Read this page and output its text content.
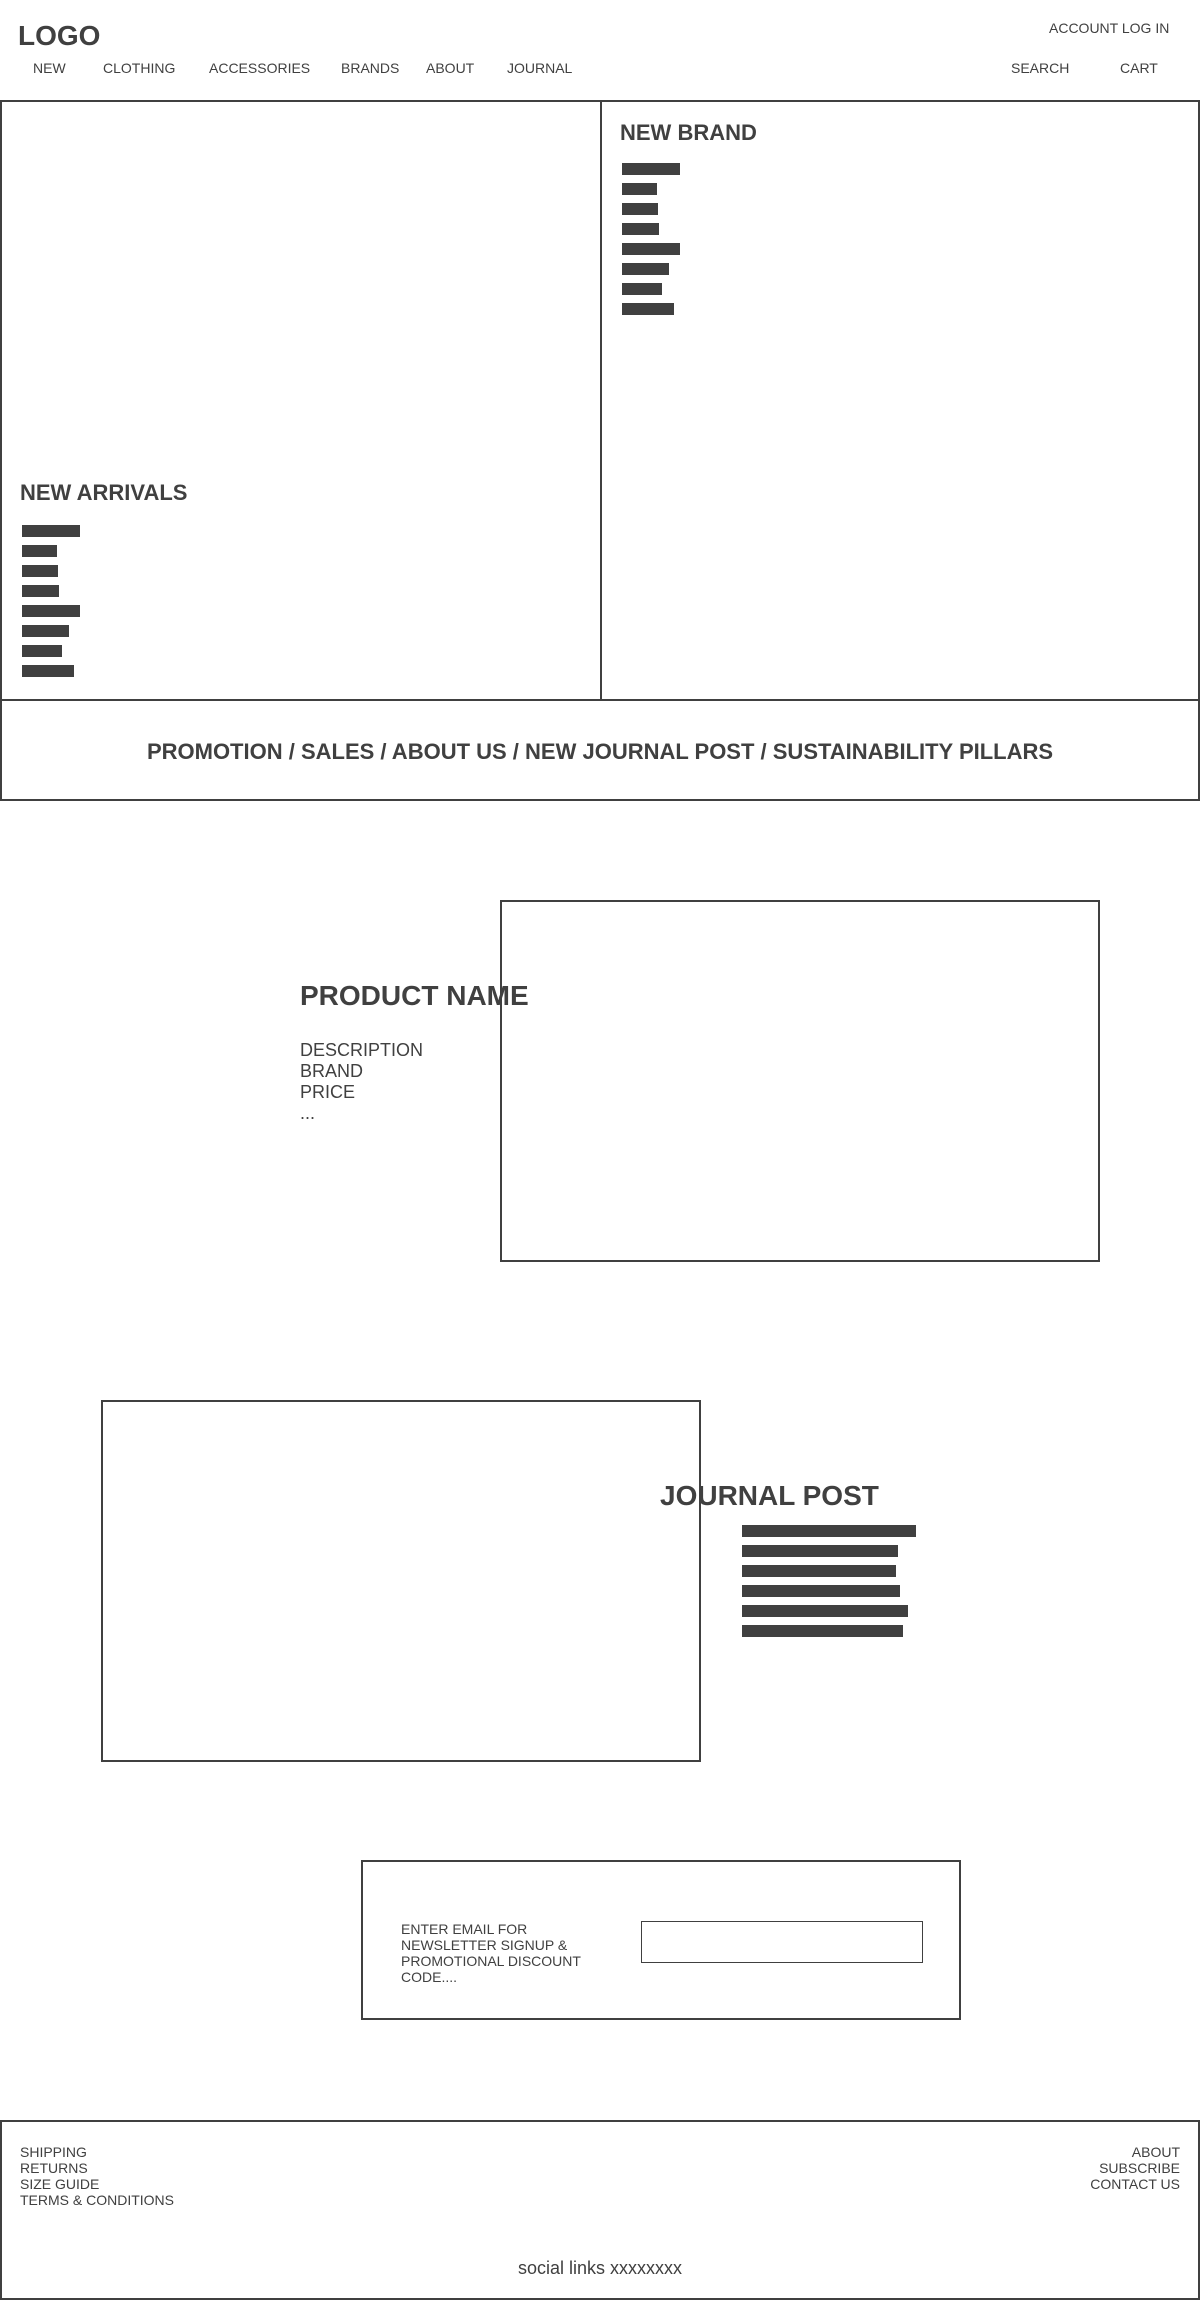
LOGO	ACCOUNT LOG IN
NEW	CLOTHING ACCESSORIES BRANDS ABOUT JOURNAL	SEARCH	CART
NEW ARRIVALS
NEW BRAND
PROMOTION / SALES / ABOUT US / NEW JOURNAL POST / SUSTAINABILITY PILLARS
PRODUCT NAME
DESCRIPTION
BRAND
PRICE
...
JOURNAL POST
ENTER EMAIL FOR NEWSLETTER SIGNUP & PROMOTIONAL DISCOUNT CODE....
SHIPPING
RETURNS
SIZE GUIDE
TERMS & CONDITIONS
ABOUT
SUBSCRIBE
CONTACT US
social links xxxxxxxx
